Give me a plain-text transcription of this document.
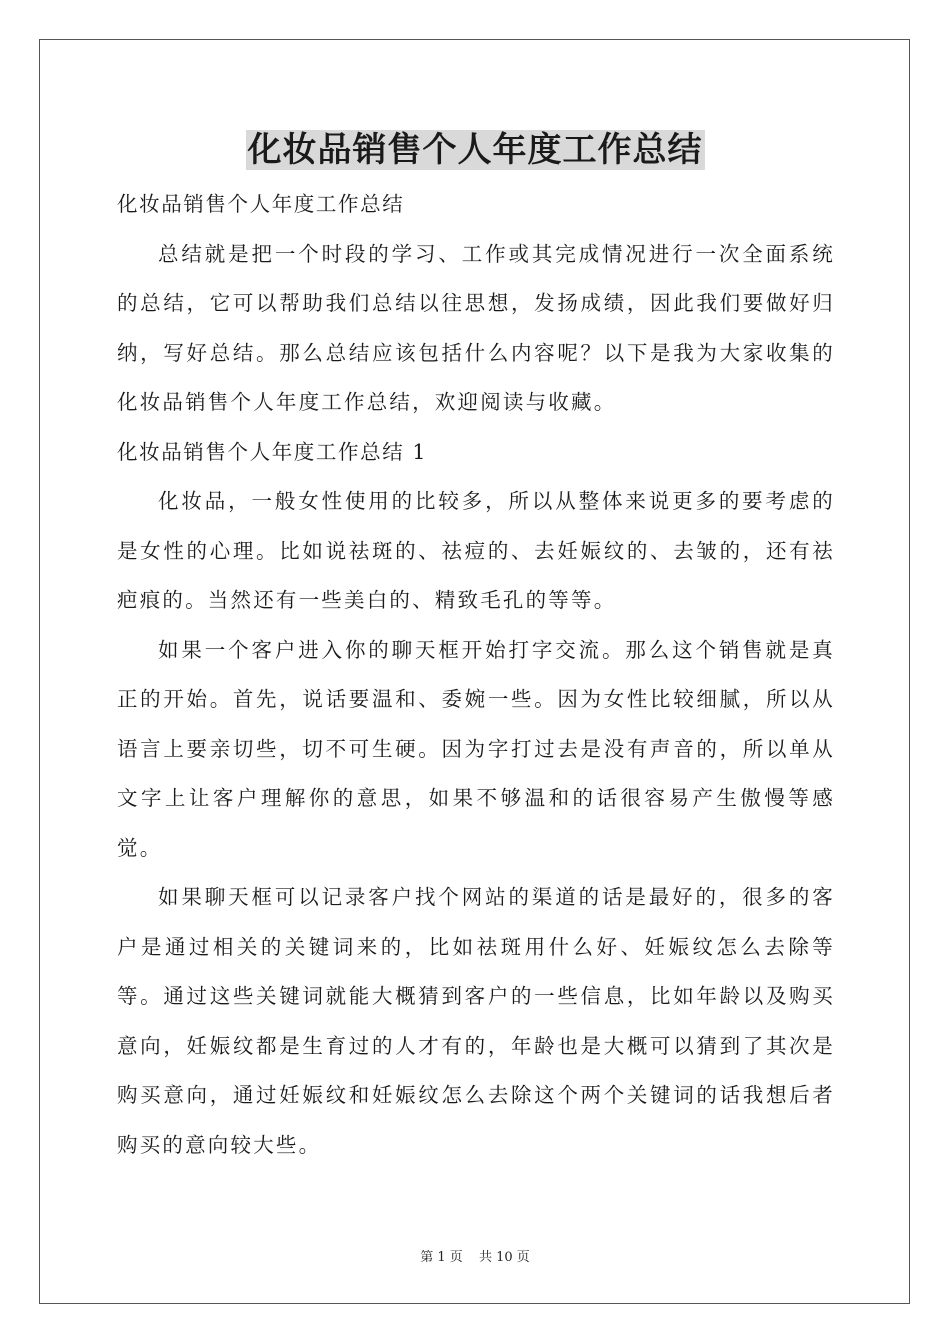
化妆品销售个人年度工作总结

化妆品销售个人年度工作总结

总结就是把一个时段的学习、工作或其完成情况进行一次全面系统的总结，它可以帮助我们总结以往思想，发扬成绩，因此我们要做好归纳，写好总结。那么总结应该包括什么内容呢？以下是我为大家收集的化妆品销售个人年度工作总结，欢迎阅读与收藏。

化妆品销售个人年度工作总结 1

化妆品，一般女性使用的比较多，所以从整体来说更多的要考虑的是女性的心理。比如说祛斑的、祛痘的、去妊娠纹的、去皱的，还有祛疤痕的。当然还有一些美白的、精致毛孔的等等。

如果一个客户进入你的聊天框开始打字交流。那么这个销售就是真正的开始。首先，说话要温和、委婉一些。因为女性比较细腻，所以从语言上要亲切些，切不可生硬。因为字打过去是没有声音的，所以单从文字上让客户理解你的意思，如果不够温和的话很容易产生傲慢等感觉。

如果聊天框可以记录客户找个网站的渠道的话是最好的，很多的客户是通过相关的关键词来的，比如祛斑用什么好、妊娠纹怎么去除等等。通过这些关键词就能大概猜到客户的一些信息，比如年龄以及购买意向，妊娠纹都是生育过的人才有的，年龄也是大概可以猜到了其次是购买意向，通过妊娠纹和妊娠纹怎么去除这个两个关键词的话我想后者购买的意向较大些。

第 1 页 共 10 页
